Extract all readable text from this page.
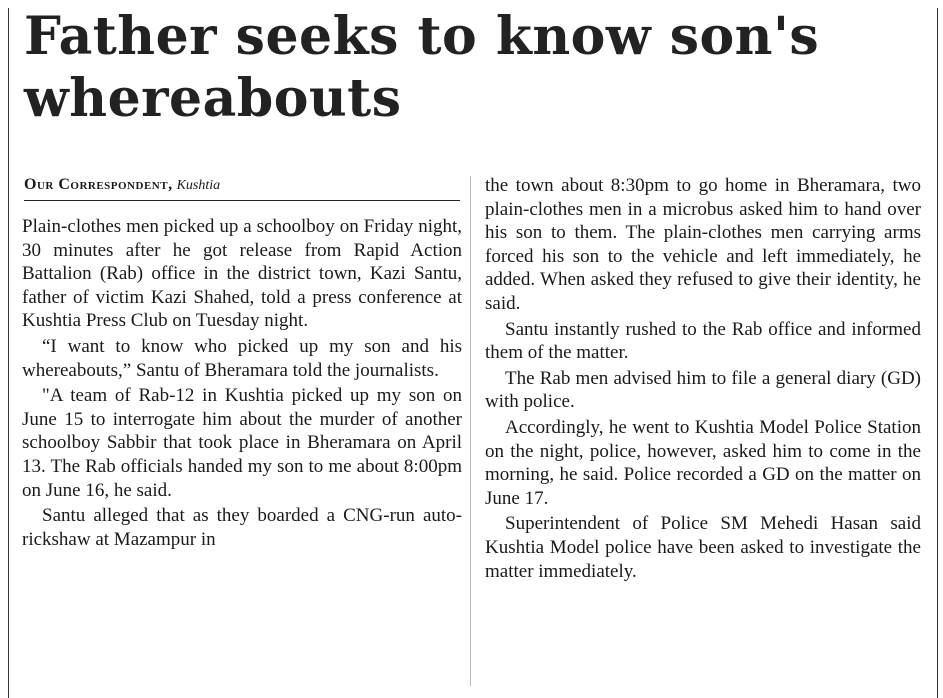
Father seeks to know son's whereabouts
Our Correspondent, Kushtia

Plain-clothes men picked up a schoolboy on Friday night, 30 minutes after he got release from Rapid Action Battalion (Rab) office in the district town, Kazi Santu, father of victim Kazi Shahed, told a press conference at Kushtia Press Club on Tuesday night.

“I want to know who picked up my son and his whereabouts,” Santu of Bheramara told the journalists.

"A team of Rab-12 in Kushtia picked up my son on June 15 to interrogate him about the murder of another schoolboy Sabbir that took place in Bheramara on April 13. The Rab officials handed my son to me about 8:00pm on June 16, he said.

Santu alleged that as they boarded a CNG-run auto-rickshaw at Mazampur in

the town about 8:30pm to go home in Bheramara, two plain-clothes men in a microbus asked him to hand over his son to them. The plain-clothes men carrying arms forced his son to the vehicle and left immediately, he added. When asked they refused to give their identity, he said.

Santu instantly rushed to the Rab office and informed them of the matter.

The Rab men advised him to file a general diary (GD) with police.

Accordingly, he went to Kushtia Model Police Station on the night, police, however, asked him to come in the morning, he said. Police recorded a GD on the matter on June 17.

Superintendent of Police SM Mehedi Hasan said Kushtia Model police have been asked to investigate the matter immediately.
